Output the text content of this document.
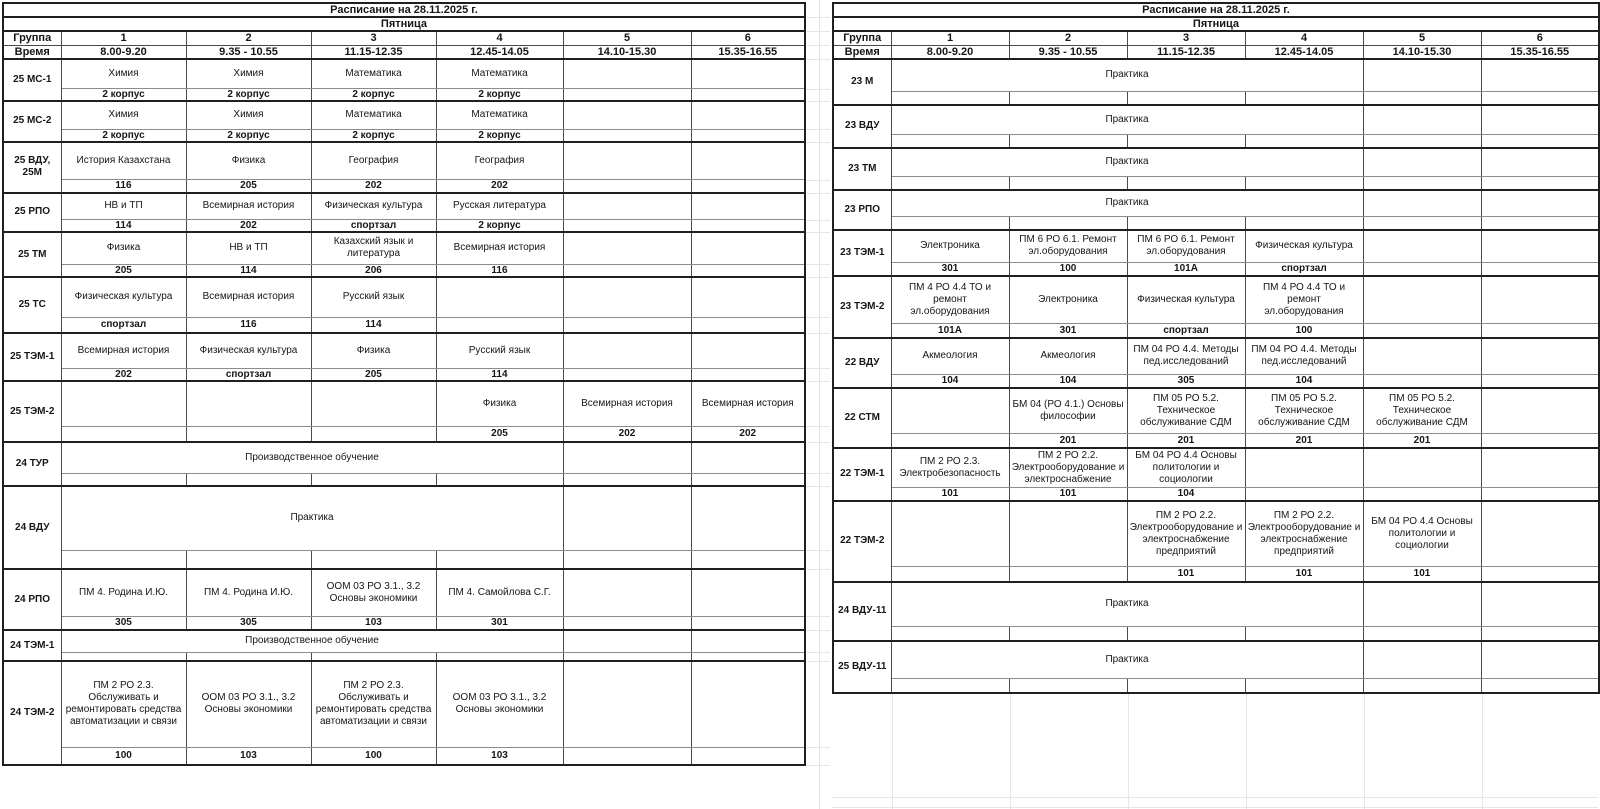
Расписание на 28.11.2025 г.						
Пятница						
Группа	1	2	3	4	5	6
Время	8.00-9.20	9.35 - 10.55	11.15-12.35	12.45-14.05	14.10-15.30	15.35-16.55
25 МС-1	Химия	Химия	Математика	Математика		
	2 корпус	2 корпус	2 корпус	2 корпус		
25 МС-2	Химия	Химия	Математика	Математика		
	2 корпус	2 корпус	2 корпус	2 корпус		
25 ВДУ, 25М	История Казахстана	Физика	География	География		
	116	205	202	202		
25 РПО	НВ и ТП	Всемирная история	Физическая культура	Русская литература		
	114	202	спортзал	2 корпус		
25 ТМ	Физика	НВ и ТП	Казахский язык и литература	Всемирная история		
	205	114	206	116		
25 ТС	Физическая культура	Всемирная история	Русский язык			
	спортзал	116	114			
25 ТЭМ-1	Всемирная история	Физическая культура	Физика	Русский язык		
	202	спортзал	205	114		
25 ТЭМ-2				Физика	Всемирная история	Всемирная история
				205	202	202
24 ТУР	Производственное обучение					

24 ВДУ	Практика					

24 РПО	ПМ 4. Родина И.Ю.	ПМ 4. Родина И.Ю.	ООМ 03 РО 3.1., 3.2 Основы экономики	ПМ 4. Самойлова С.Г.		
	305	305	103	301		
24 ТЭМ-1	Производственное обучение					

24 ТЭМ-2	ПМ 2 РО 2.3. Обслуживать и ремонтировать средства автоматизации и связи	ООМ 03 РО 3.1., 3.2 Основы экономики	ПМ 2 РО 2.3. Обслуживать и ремонтировать средства автоматизации и связи	ООМ 03 РО 3.1., 3.2 Основы экономики		
	100	103	100	103		
Расписание на 28.11.2025 г.						
Пятница						
Группа	1	2	3	4	5	6
Время	8.00-9.20	9.35 - 10.55	11.15-12.35	12.45-14.05	14.10-15.30	15.35-16.55
23 М	Практика					

23 ВДУ	Практика					

23 ТМ	Практика					

23 РПО	Практика					

23 ТЭМ-1	Электроника	ПМ 6 РО 6.1. Ремонт эл.оборудования	ПМ 6 РО 6.1. Ремонт эл.оборудования	Физическая культура		
	301	100	101А	спортзал		
23 ТЭМ-2	ПМ 4 РО 4.4 ТО и ремонт эл.оборудования	Электроника	Физическая культура	ПМ 4 РО 4.4 ТО и ремонт эл.оборудования		
	101А	301	спортзал	100		
22 ВДУ	Акмеология	Акмеология	ПМ 04 РО 4.4. Методы пед.исследований	ПМ 04 РО 4.4. Методы пед.исследований		
	104	104	305	104		
22 СТМ		БМ 04 (РО 4.1.) Основы философии	ПМ 05 РО 5.2. Техническое обслуживание СДМ	ПМ 05 РО 5.2. Техническое обслуживание СДМ	ПМ 05 РО 5.2. Техническое обслуживание СДМ	
		201	201	201	201	
22 ТЭМ-1	ПМ 2 РО 2.3. Электробезопасность	ПМ 2 РО 2.2. Электрооборудование и электроснабжение	БМ 04 РО 4.4 Основы политологии и социологии			
	101	101	104			
22 ТЭМ-2			ПМ 2 РО 2.2. Электрооборудование и электроснабжение предприятий	ПМ 2 РО 2.2. Электрооборудование и электроснабжение предприятий	БМ 04 РО 4.4 Основы политологии и социологии	
			101	101	101	
24 ВДУ-11	Практика					

25 ВДУ-11	Практика					
